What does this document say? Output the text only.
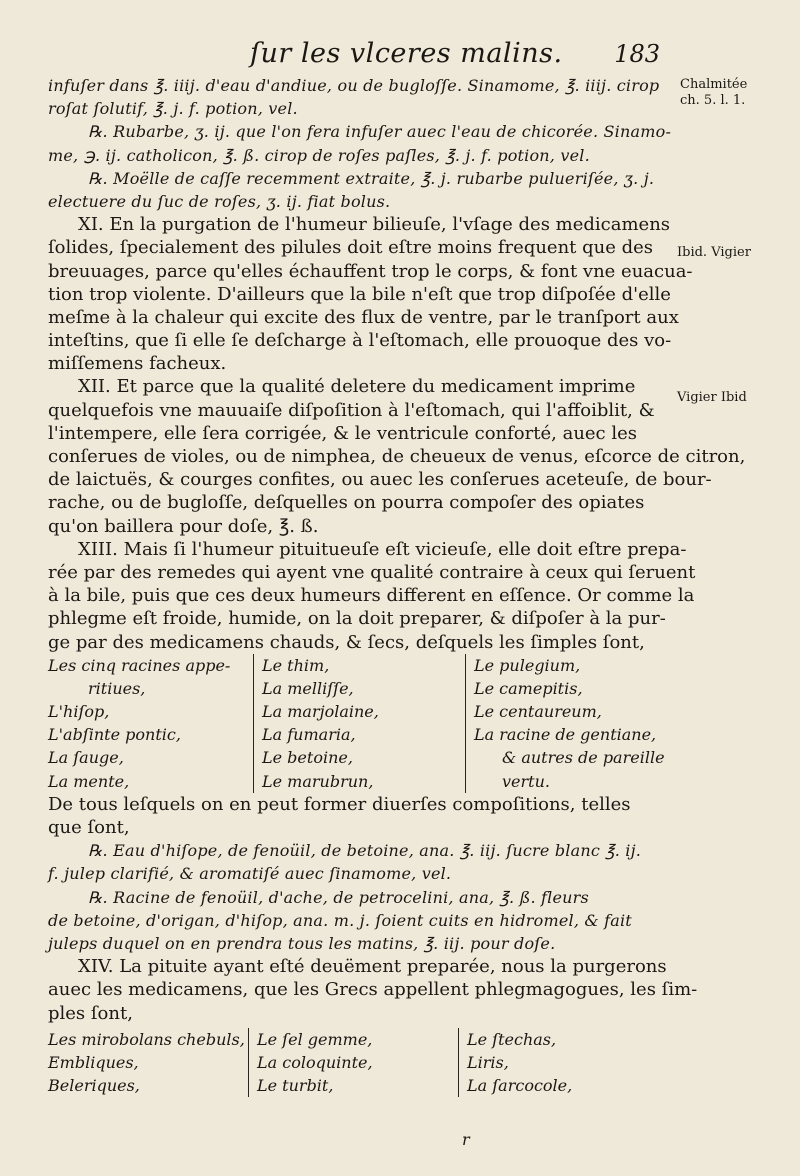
ſur les vlceres malins. 183
Chalmitée
ch. 5. l. 1.
Ibid. Vigier
Vigier Ibid
infuſer dans ℥. iiij. d'eau d'andiue, ou de bugloſſe. Sinamome, ℥. iiij. cirop
roſat ſolutif, ℥. j. f. potion, vel.
℞. Rubarbe, ʒ. ij. que l'on fera infuſer auec l'eau de chicorée. Sinamo-
me, ℈. ij. catholicon, ℥. ß. cirop de roſes paſles, ℥. j. f. potion, vel.
℞. Moëlle de caſſe recemment extraite, ℥. j. rubarbe pulueriſée, ʒ. j.
electuere du ſuc de roſes, ʒ. ij. fiat bolus.
XI. En la purgation de l'humeur bilieuſe, l'vſage des medicamens
ſolides, ſpecialement des pilules doit eſtre moins frequent que des
breuuages, parce qu'elles échauffent trop le corps, & font vne euacua-
tion trop violente. D'ailleurs que la bile n'eſt que trop diſpoſée d'elle
meſme à la chaleur qui excite des flux de ventre, par le tranſport aux
inteſtins, que ſi elle ſe deſcharge à l'eſtomach, elle prouoque des vo-
miſſemens facheux.
XII. Et parce que la qualité deletere du medicament imprime
quelquefois vne mauuaiſe diſpoſition à l'eſtomach, qui l'affoiblit, &
l'intempere, elle ſera corrigée, & le ventricule conforté, auec les
conſerues de violes, ou de nimphea, de cheueux de venus, eſcorce de citron,
de laictuës, & courges confites, ou auec les conſerues aceteuſe, de bour-
rache, ou de bugloſſe, deſquelles on pourra compoſer des opiates
qu'on baillera pour doſe, ℥. ß.
XIII. Mais ſi l'humeur pituitueuſe eſt vicieuſe, elle doit eſtre prepa-
rée par des remedes qui ayent vne qualité contraire à ceux qui ſeruent
à la bile, puis que ces deux humeurs different en eſſence. Or comme la
phlegme eſt froide, humide, on la doit preparer, & diſpoſer à la pur-
ge par des medicamens chauds, & ſecs, deſquels les ſimples ſont,
Les cinq racines appe-
ritiues,
L'hiſop,
L'abſinte pontic,
La ſauge,
La mente,
Le thim,
La melliſſe,
La marjolaine,
La fumaria,
Le betoine,
Le marubrun,
Le pulegium,
Le camepitis,
Le centaureum,
La racine de gentiane,
& autres de pareille
vertu.
De tous leſquels on en peut former diuerſes compoſitions, telles
que ſont,
℞. Eau d'hiſope, de fenoüil, de betoine, ana. ℥. iij. ſucre blanc ℥. ij.
f. julep clarifié, & aromatiſé auec ſinamome, vel.
℞. Racine de fenoüil, d'ache, de petrocelini, ana, ℥. ß. fleurs
de betoine, d'origan, d'hiſop, ana. m. j. ſoient cuits en hidromel, & fait
juleps duquel on en prendra tous les matins, ℥. iij. pour doſe.
XIV. La pituite ayant eſté deuëment preparée, nous la purgerons
auec les medicamens, que les Grecs appellent phlegmagogues, les ſim-
ples ſont,
Les mirobolans chebuls,
Embliques,
Beleriques,
Le ſel gemme,
La coloquinte,
Le turbit,
Le ſtechas,
Liris,
La ſarcocole,
r
